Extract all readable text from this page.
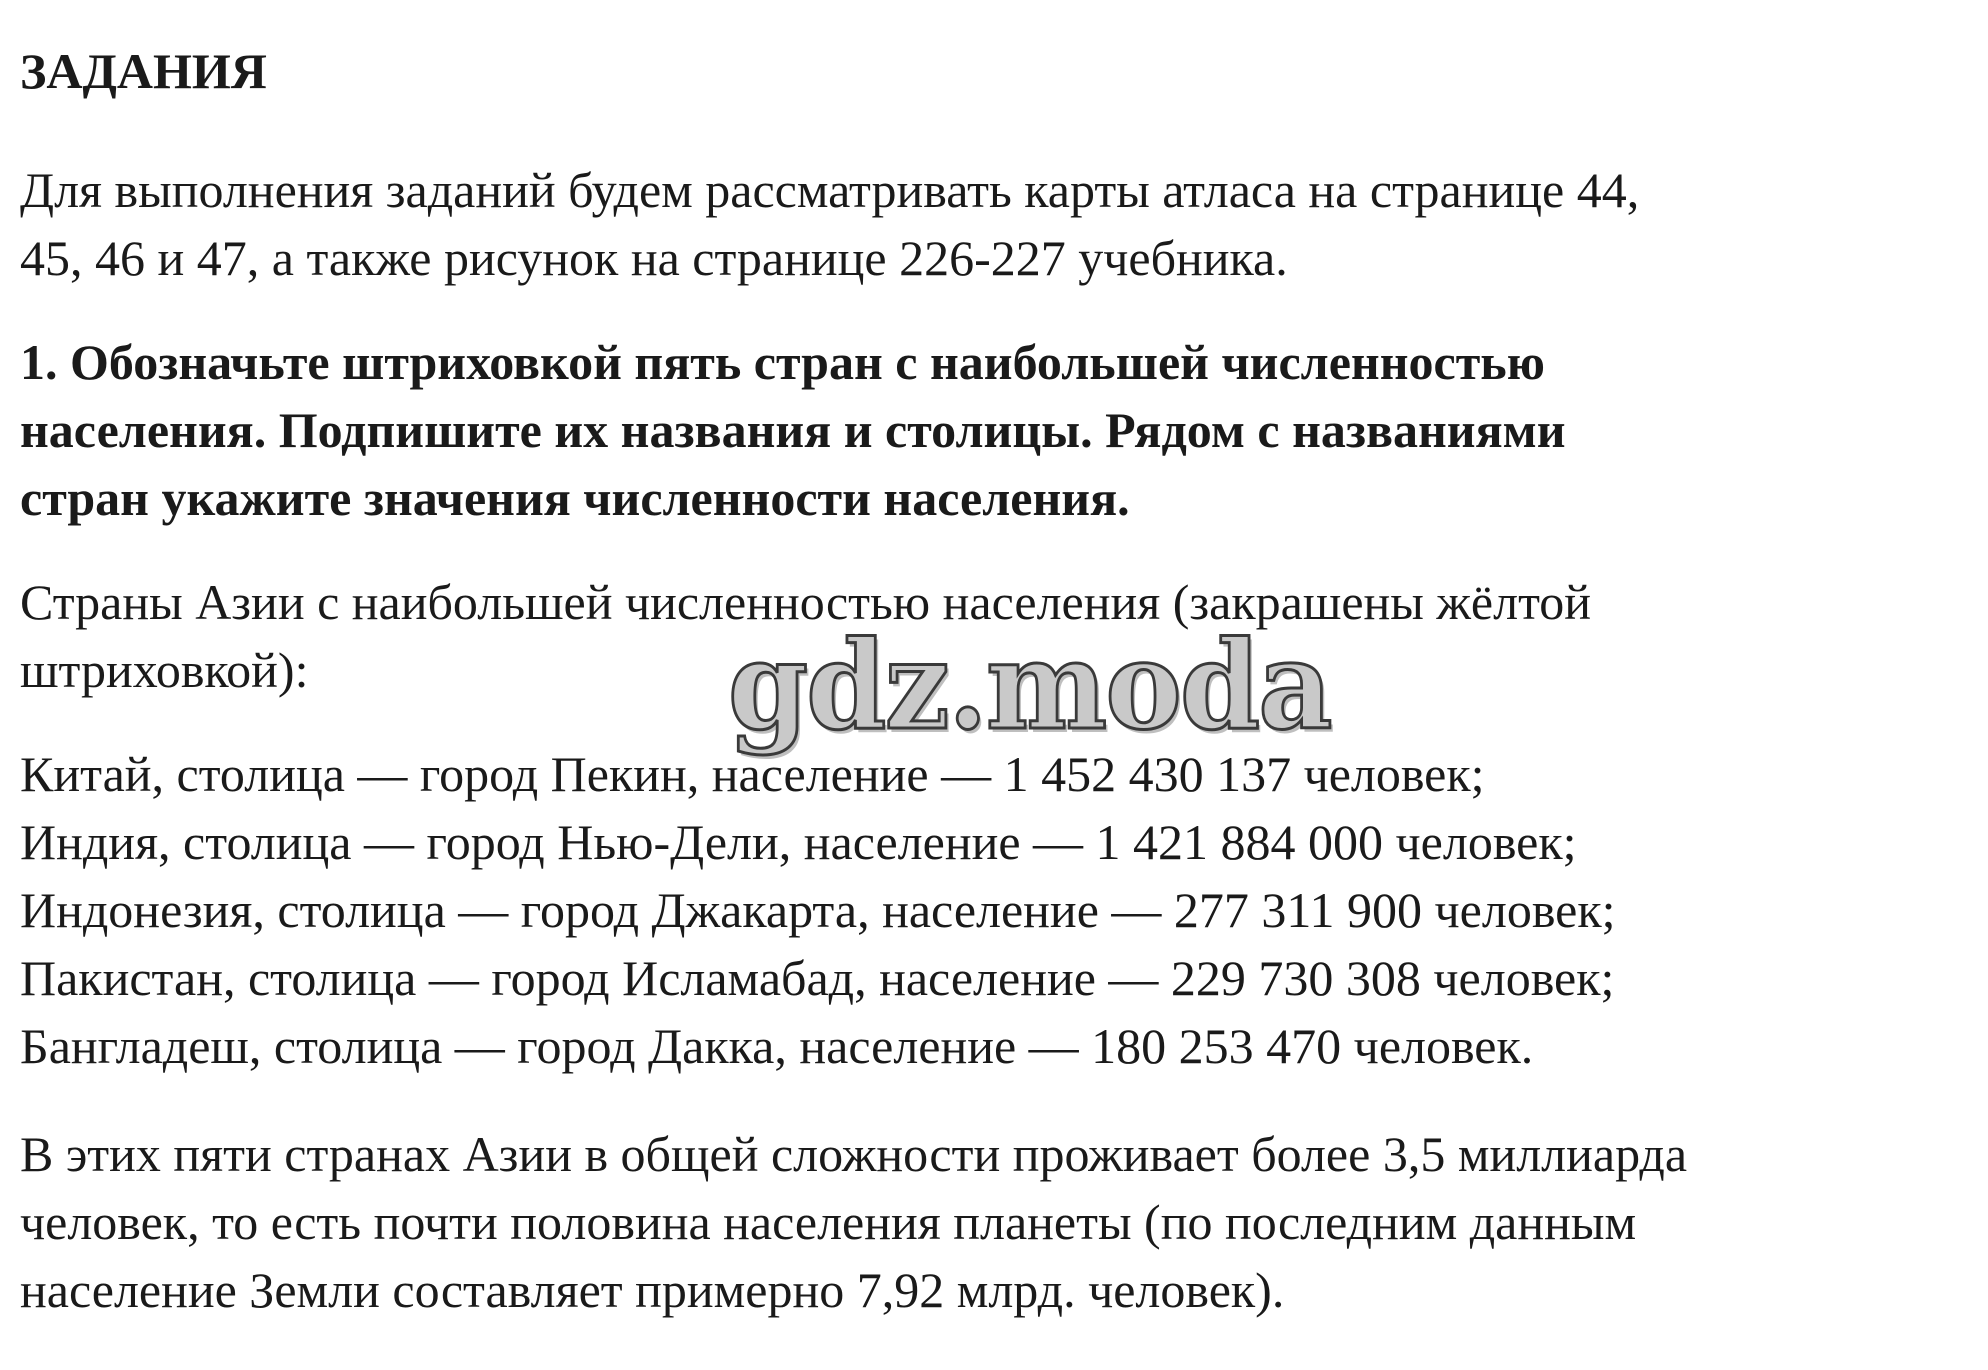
ЗАДАНИЯ

Для выполнения заданий будем рассматривать карты атласа на странице 44,
45, 46 и 47, а также рисунок на странице 226-227 учебника.

1. Обозначьте штриховкой пять стран с наибольшей численностью
населения. Подпишите их названия и столицы. Рядом с названиями
стран укажите значения численности населения.

Страны Азии с наибольшей численностью населения (закрашены жёлтой
штриховкой):

Китай, столица — город Пекин, население — 1 452 430 137 человек;
Индия, столица — город Нью-Дели, население — 1 421 884 000 человек;
Индонезия, столица — город Джакарта, население — 277 311 900 человек;
Пакистан, столица — город Исламабад, население — 229 730 308 человек;
Бангладеш, столица — город Дакка, население — 180 253 470 человек.

В этих пяти странах Азии в общей сложности проживает более 3,5 миллиарда
человек, то есть почти половина населения планеты (по последним данным
население Земли составляет примерно 7,92 млрд. человек).

gdz.moda
